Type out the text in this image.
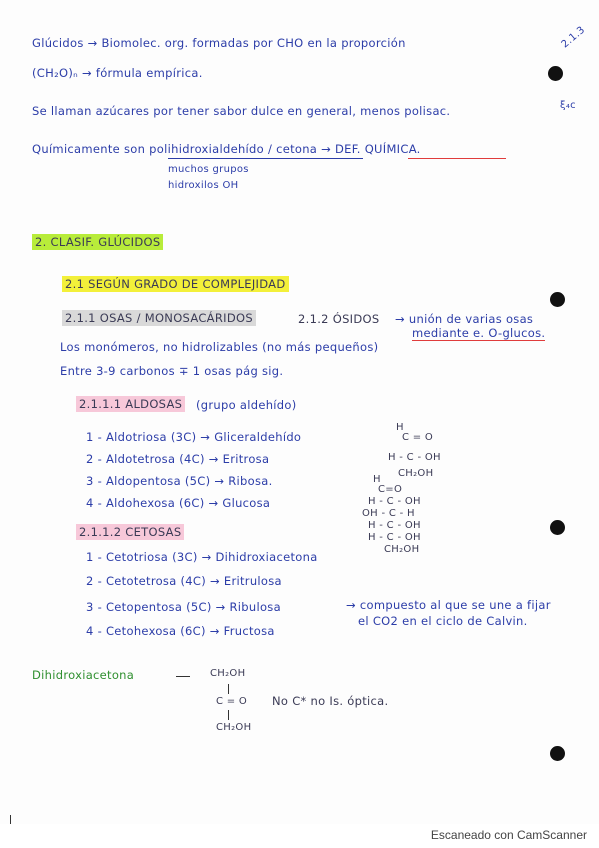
2.1.3
Glúcidos → Biomolec. org. formadas por CHO en la proporción
(CH₂O)ₙ → fórmula empírica.
Se llaman azúcares por tener sabor dulce en general, menos polisac.	ξ₄c
Químicamente son polihidroxialdehído / cetona → DEF. QUÍMICA.
muchos grupos
hidroxilos OH
2. CLASIF. GLÚCIDOS
2.1 SEGÚN GRADO DE COMPLEJIDAD
2.1.1 OSAS / MONOSACÁRIDOS	2.1.2 ÓSIDOS → unión de varias osas
mediante e. O-glucos.
Los monómeros, no hidrolizables (no más pequeños)
Entre 3-9 carbonos ∓ 1 osas pág sig.
2.1.1.1 ALDOSAS (grupo aldehído)
1 - Aldotriosa (3C) → Gliceraldehído
2 - Aldotetrosa (4C) → Eritrosa
3 - Aldopentosa (5C) → Ribosa.
4 - Aldohexosa (6C) → Glucosa
H
C = O
H - C - OH
CH₂OH
H
C=O
H - C - OH
OH - C - H
H - C - OH
H - C - OH
CH₂OH
2.1.1.2 CETOSAS
1 - Cetotriosa (3C) → Dihidroxiacetona
2 - Cetotetrosa (4C) → Eritrulosa
3 - Cetopentosa (5C) → Ribulosa	→ compuesto al que se une a fijar
el CO2 en el ciclo de Calvin.
4 - Cetohexosa (6C) → Fructosa
Dihidroxiacetona	CH₂OH
C = O
CH₂OH
No C* no Is. óptica.
Escaneado con CamScanner
